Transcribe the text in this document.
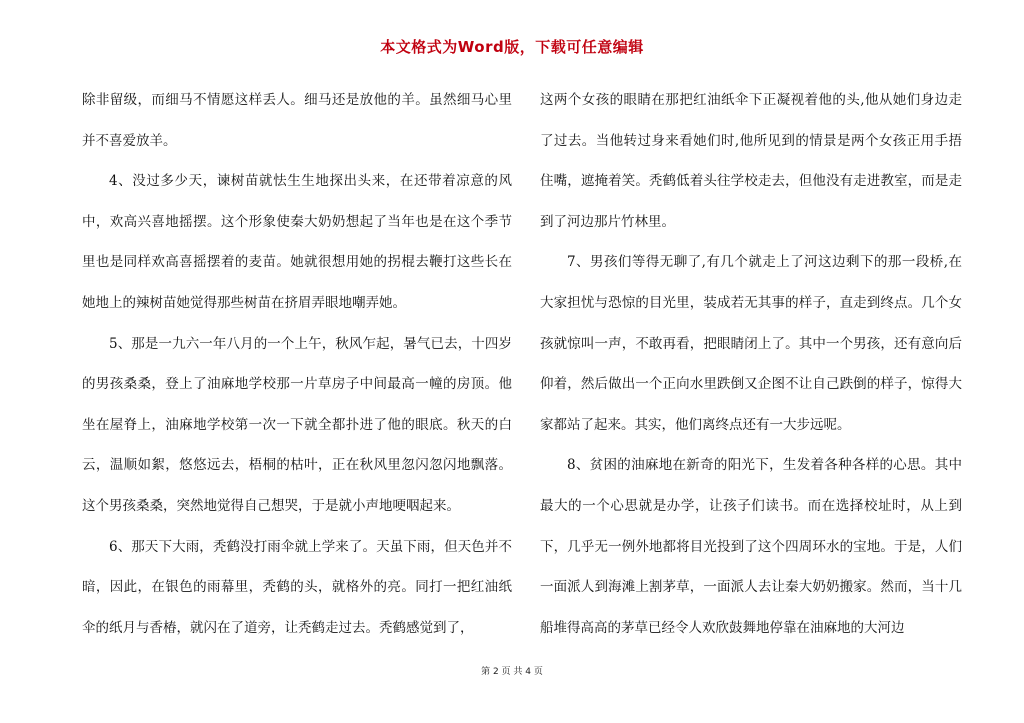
本文格式为Word版，下载可任意编辑

除非留级，而细马不情愿这样丢人。细马还是放他的羊。虽然细马心里并不喜爱放羊。

4、没过多少天，谏树苗就怯生生地探出头来，在还带着凉意的风中，欢高兴喜地摇摆。这个形象使秦大奶奶想起了当年也是在这个季节里也是同样欢高喜摇摆着的麦苗。她就很想用她的拐棍去鞭打这些长在她地上的辣树苗她觉得那些树苗在挤眉弄眼地嘲弄她。

5、那是一九六一年八月的一个上午，秋风乍起，暑气已去，十四岁的男孩桑桑，登上了油麻地学校那一片草房子中间最高一幢的房顶。他坐在屋脊上，油麻地学校第一次一下就全都扑进了他的眼底。秋天的白云，温顺如絮，悠悠远去，梧桐的枯叶，正在秋风里忽闪忽闪地飘落。这个男孩桑桑，突然地觉得自己想哭，于是就小声地哽咽起来。

6、那天下大雨，秃鹤没打雨伞就上学来了。天虽下雨，但天色并不暗，因此，在银色的雨幕里，秃鹤的头，就格外的亮。同打一把红油纸伞的纸月与香椿，就闪在了道旁，让秃鹤走过去。秃鹤感觉到了，

这两个女孩的眼睛在那把红油纸伞下正凝视着他的头,他从她们身边走了过去。当他转过身来看她们时,他所见到的情景是两个女孩正用手捂住嘴，遮掩着笑。秃鹤低着头往学校走去，但他没有走进教室，而是走到了河边那片竹林里。

7、男孩们等得无聊了,有几个就走上了河这边剩下的那一段桥,在大家担忧与恐惊的目光里，装成若无其事的样子，直走到终点。几个女孩就惊叫一声，不敢再看，把眼睛闭上了。其中一个男孩，还有意向后仰着，然后做出一个正向水里跌倒又企图不让自己跌倒的样子，惊得大家都站了起来。其实，他们离终点还有一大步远呢。

8、贫困的油麻地在新奇的阳光下，生发着各种各样的心思。其中最大的一个心思就是办学，让孩子们读书。而在选择校址时，从上到下，几乎无一例外地都将目光投到了这个四周环水的宝地。于是，人们一面派人到海滩上割茅草，一面派人去让秦大奶奶搬家。然而，当十几船堆得高高的茅草已经令人欢欣鼓舞地停靠在油麻地的大河边

第 2 页 共 4 页
